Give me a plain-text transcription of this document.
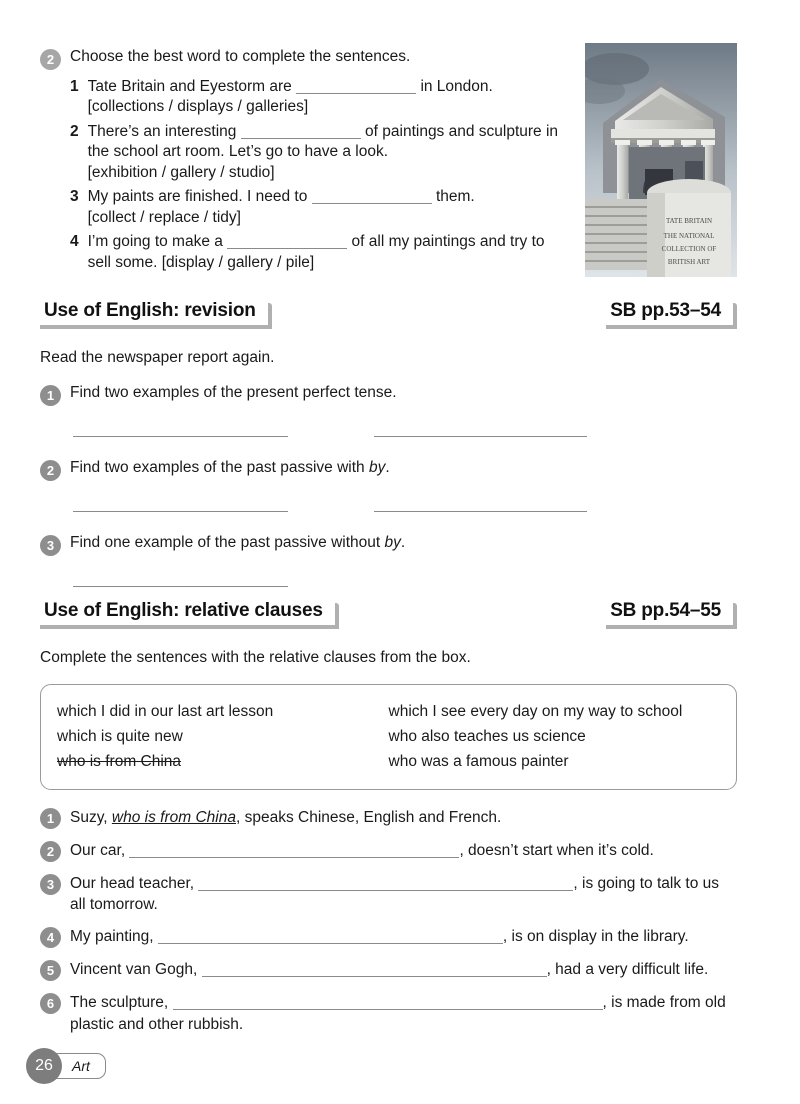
2	Choose the best word to complete the sentences.
1 Tate Britain and Eyestorm are	in London.
[collections / displays / galleries]
2 There’s an interesting	of paintings and sculpture in the school art room. Let’s go to have a look.
[exhibition / gallery / studio]
3 My paints are finished. I need to	them.
[collect / replace / tidy]
4 I’m going to make a	of all my paintings and try to sell some. [display / gallery / pile]
TATE BRITAIN
THE NATIONAL
COLLECTION OF
BRITISH ART
Use of English: revision	SB pp.53–54

Read the newspaper report again.

1	Find two examples of the present perfect tense.

2	Find two examples of the past passive with by.

3	Find one example of the past passive without by.
Use of English: relative clauses	SB pp.54–55

Complete the sentences with the relative clauses from the box.

which I did in our last art lesson
which is quite new
who is from China
which I see every day on my way to school
who also teaches us science
who was a famous painter
1	Suzy, who is from China, speaks Chinese, English and French.
2	Our car,	, doesn’t start when it’s cold.
3	Our head teacher,	, is going to talk to us all tomorrow.
4	My painting,	, is on display in the library.
5	Vincent van Gogh,	, had a very difficult life.
6	The sculpture,	, is made from old plastic and other rubbish.
26	Art
